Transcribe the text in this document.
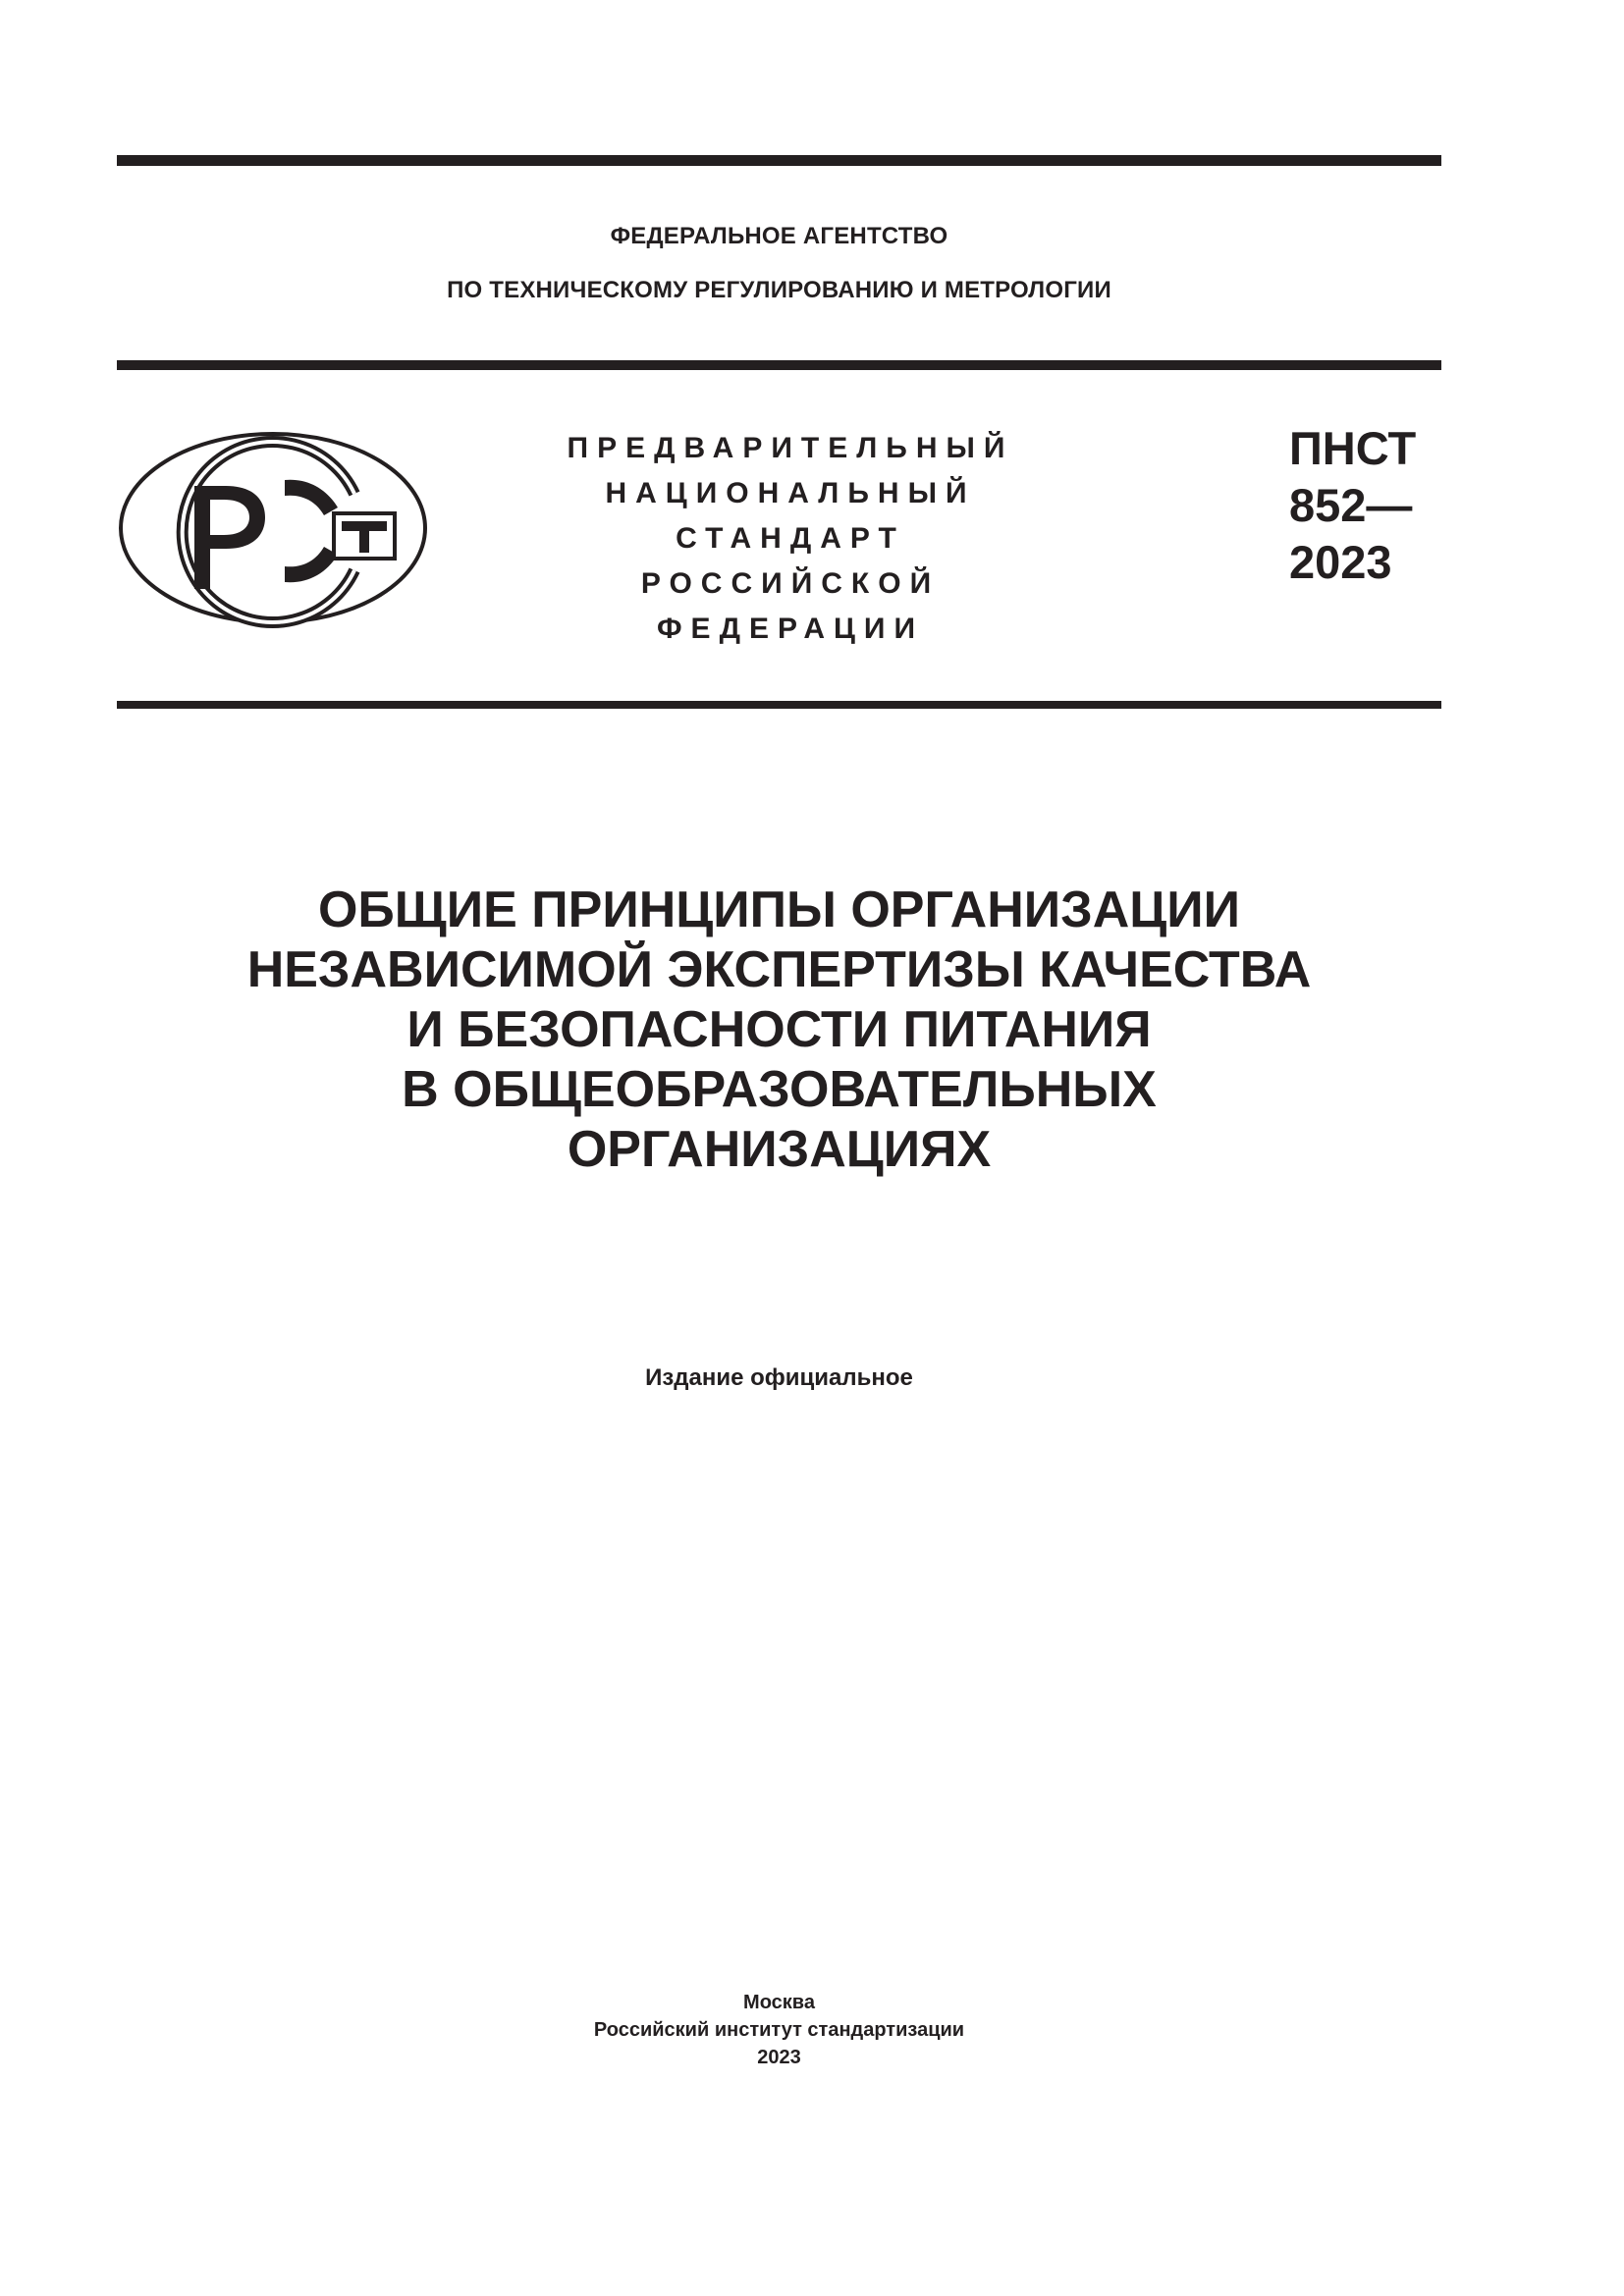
ФЕДЕРАЛЬНОЕ АГЕНТСТВО
ПО ТЕХНИЧЕСКОМУ РЕГУЛИРОВАНИЮ И МЕТРОЛОГИИ
ПРЕДВАРИТЕЛЬНЫЙ
НАЦИОНАЛЬНЫЙ
СТАНДАРТ
РОССИЙСКОЙ
ФЕДЕРАЦИИ
ПНСТ
852—
2023
ОБЩИЕ ПРИНЦИПЫ ОРГАНИЗАЦИИ
НЕЗАВИСИМОЙ ЭКСПЕРТИЗЫ КАЧЕСТВА
И БЕЗОПАСНОСТИ ПИТАНИЯ
В ОБЩЕОБРАЗОВАТЕЛЬНЫХ
ОРГАНИЗАЦИЯХ
Издание официальное
Москва
Российский институт стандартизации
2023
